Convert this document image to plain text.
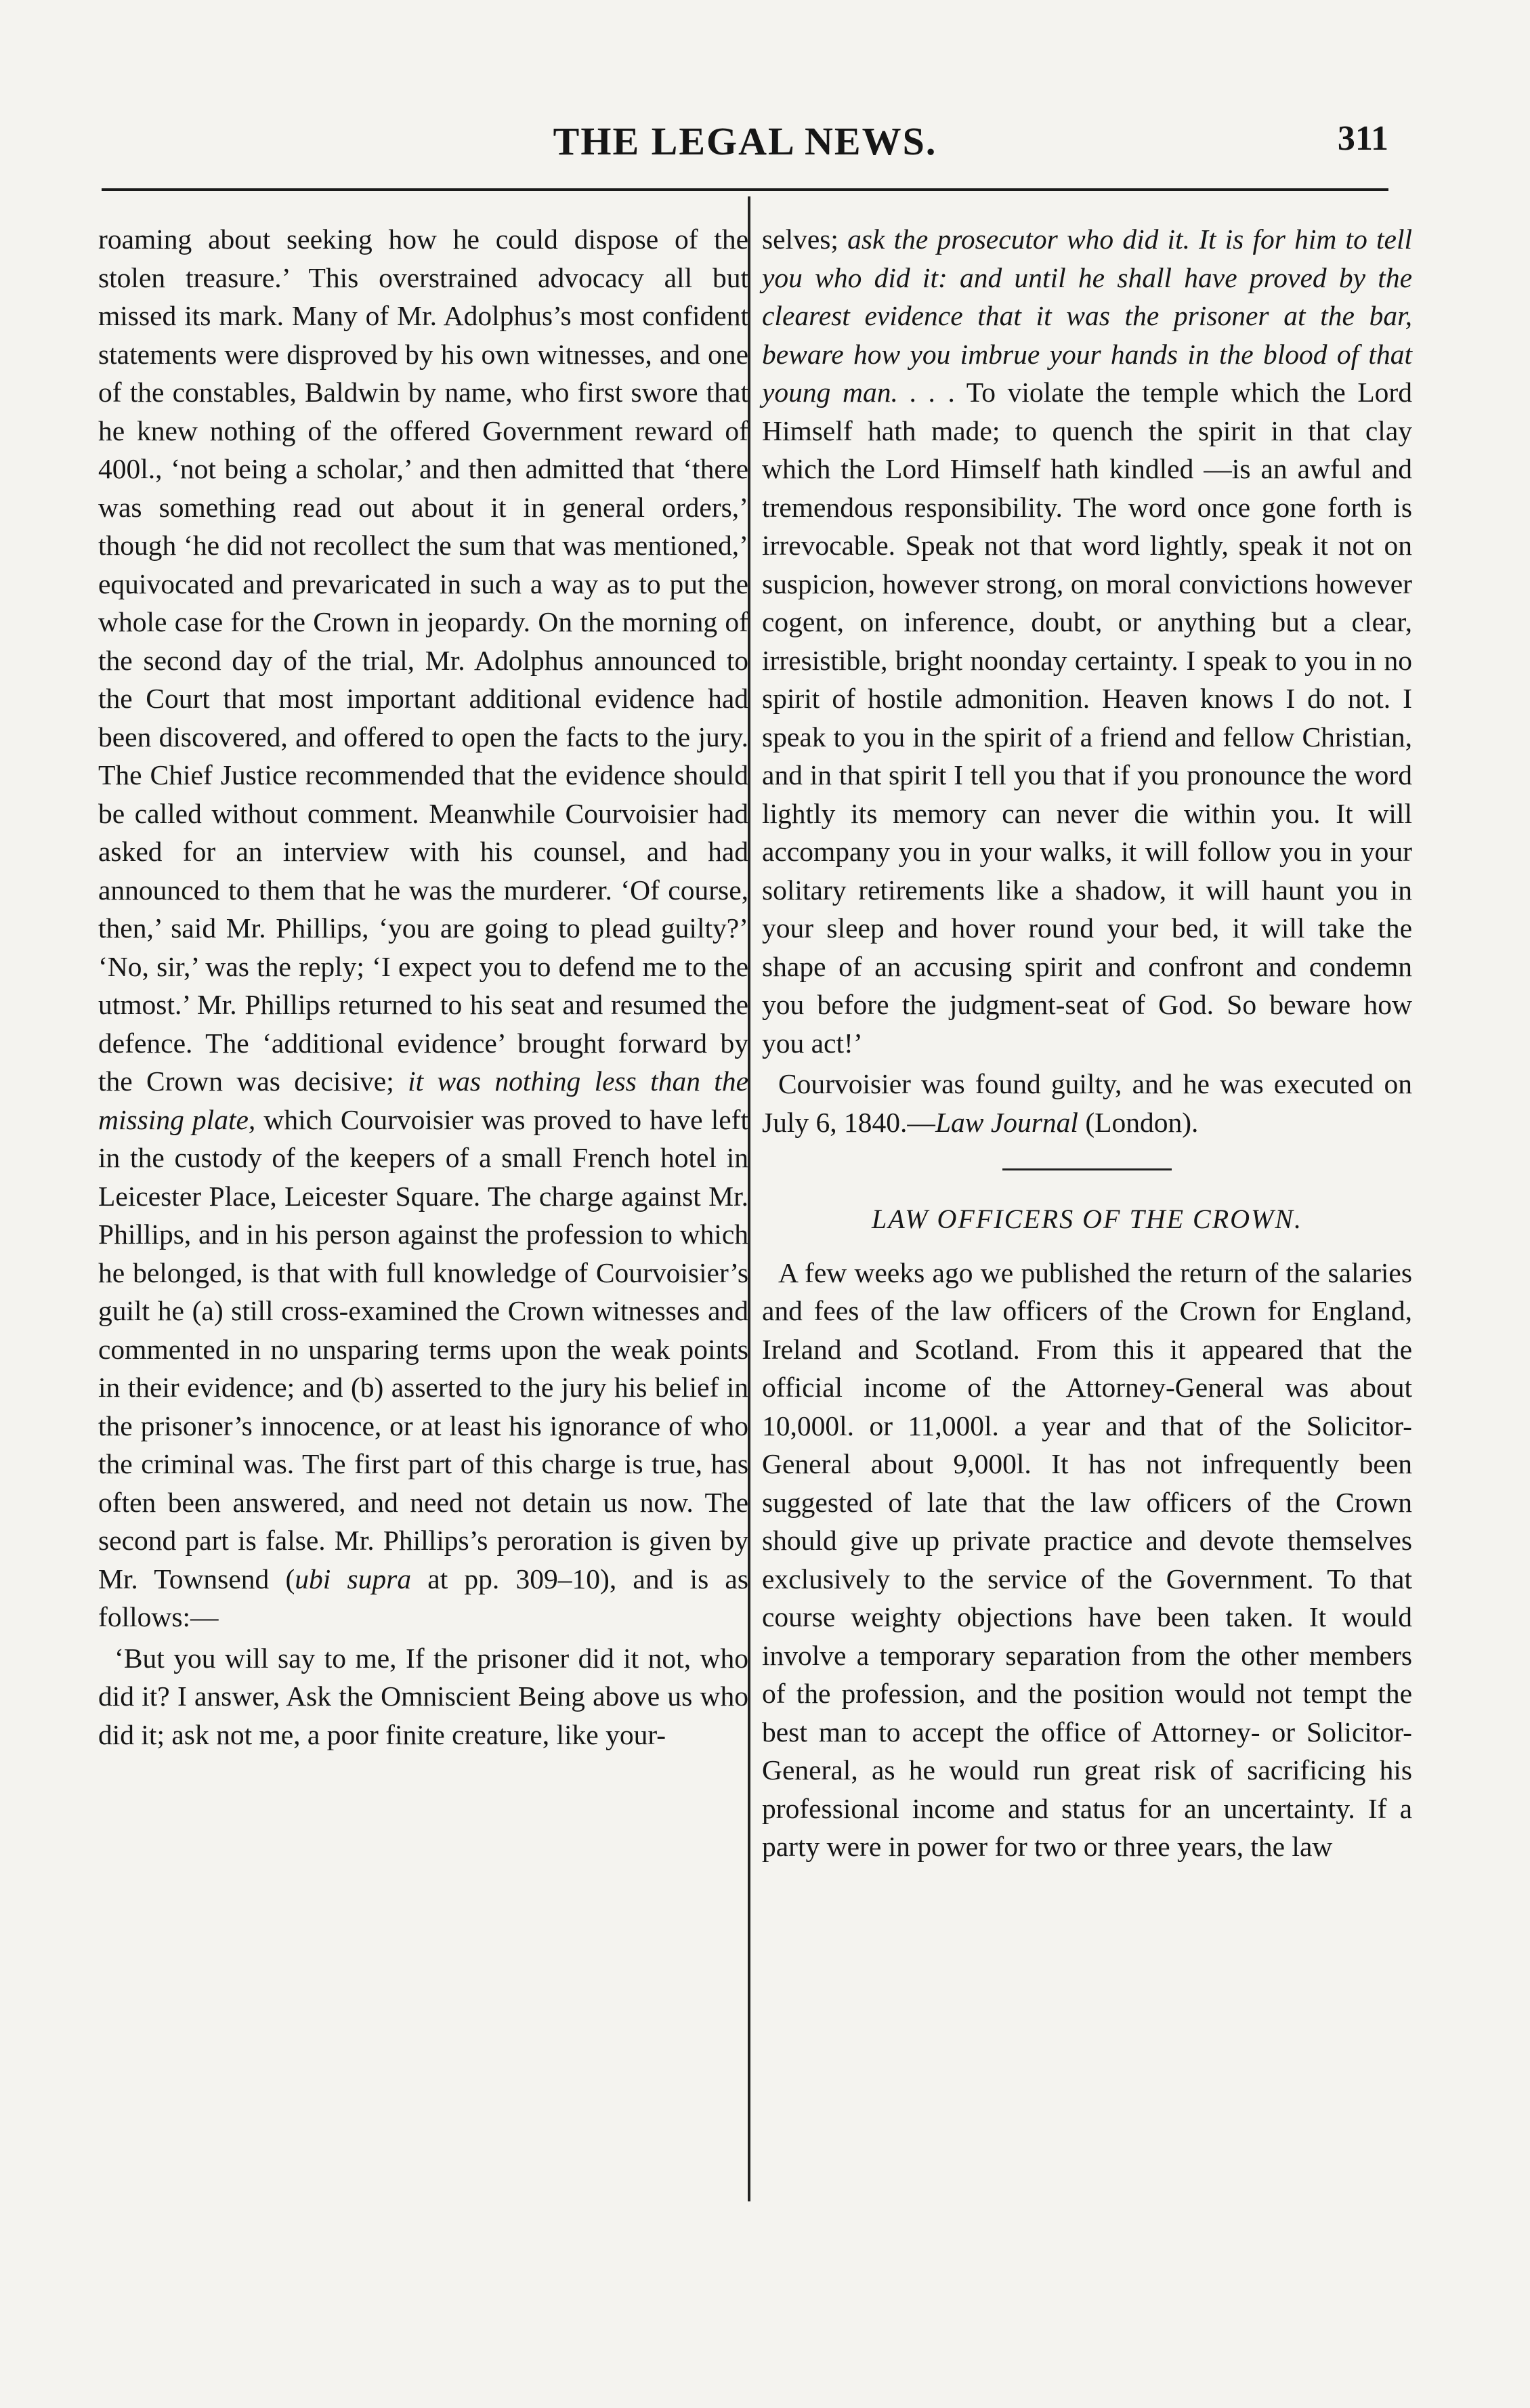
THE LEGAL NEWS.	311

roaming about seeking how he could dispose of the stolen treasure.’ This overstrained advocacy all but missed its mark. Many of Mr. Adolphus’s most confident statements were disproved by his own witnesses, and one of the constables, Baldwin by name, who first swore that he knew nothing of the offered Government reward of 400l., ‘not being a scholar,’ and then admitted that ‘there was something read out about it in general orders,’ though ‘he did not recollect the sum that was mentioned,’ equivocated and prevaricated in such a way as to put the whole case for the Crown in jeopardy. On the morning of the second day of the trial, Mr. Adolphus announced to the Court that most important additional evidence had been discovered, and offered to open the facts to the jury. The Chief Justice recommended that the evidence should be called without comment. Meanwhile Courvoisier had asked for an interview with his counsel, and had announced to them that he was the murderer. ‘Of course, then,’ said Mr. Phillips, ‘you are going to plead guilty?’ ‘No, sir,’ was the reply; ‘I expect you to defend me to the utmost.’ Mr. Phillips returned to his seat and resumed the defence. The ‘additional evidence’ brought forward by the Crown was decisive; it was nothing less than the missing plate, which Courvoisier was proved to have left in the custody of the keepers of a small French hotel in Leicester Place, Leicester Square. The charge against Mr. Phillips, and in his person against the profession to which he belonged, is that with full knowledge of Courvoisier’s guilt he (a) still cross-examined the Crown witnesses and commented in no unsparing terms upon the weak points in their evidence; and (b) asserted to the jury his belief in the prisoner’s innocence, or at least his ignorance of who the criminal was. The first part of this charge is true, has often been answered, and need not detain us now. The second part is false. Mr. Phillips’s peroration is given by Mr. Townsend (ubi supra at pp. 309–10), and is as follows:—

‘But you will say to me, If the prisoner did it not, who did it? I answer, Ask the Omniscient Being above us who did it; ask not me, a poor finite creature, like your-

selves; ask the prosecutor who did it. It is for him to tell you who did it: and until he shall have proved by the clearest evidence that it was the prisoner at the bar, beware how you imbrue your hands in the blood of that young man. . . . To violate the temple which the Lord Himself hath made; to quench the spirit in that clay which the Lord Himself hath kindled —is an awful and tremendous responsibility. The word once gone forth is irrevocable. Speak not that word lightly, speak it not on suspicion, however strong, on moral convictions however cogent, on inference, doubt, or anything but a clear, irresistible, bright noonday certainty. I speak to you in no spirit of hostile admonition. Heaven knows I do not. I speak to you in the spirit of a friend and fellow Christian, and in that spirit I tell you that if you pronounce the word lightly its memory can never die within you. It will accompany you in your walks, it will follow you in your solitary retirements like a shadow, it will haunt you in your sleep and hover round your bed, it will take the shape of an accusing spirit and confront and condemn you before the judgment-seat of God. So beware how you act!’

Courvoisier was found guilty, and he was executed on July 6, 1840.—Law Journal (London).

LAW OFFICERS OF THE CROWN.

A few weeks ago we published the return of the salaries and fees of the law officers of the Crown for England, Ireland and Scotland. From this it appeared that the official income of the Attorney-General was about 10,000l. or 11,000l. a year and that of the Solicitor-General about 9,000l. It has not infrequently been suggested of late that the law officers of the Crown should give up private practice and devote themselves exclusively to the service of the Government. To that course weighty objections have been taken. It would involve a temporary separation from the other members of the profession, and the position would not tempt the best man to accept the office of Attorney- or Solicitor-General, as he would run great risk of sacrificing his professional income and status for an uncertainty. If a party were in power for two or three years, the law
